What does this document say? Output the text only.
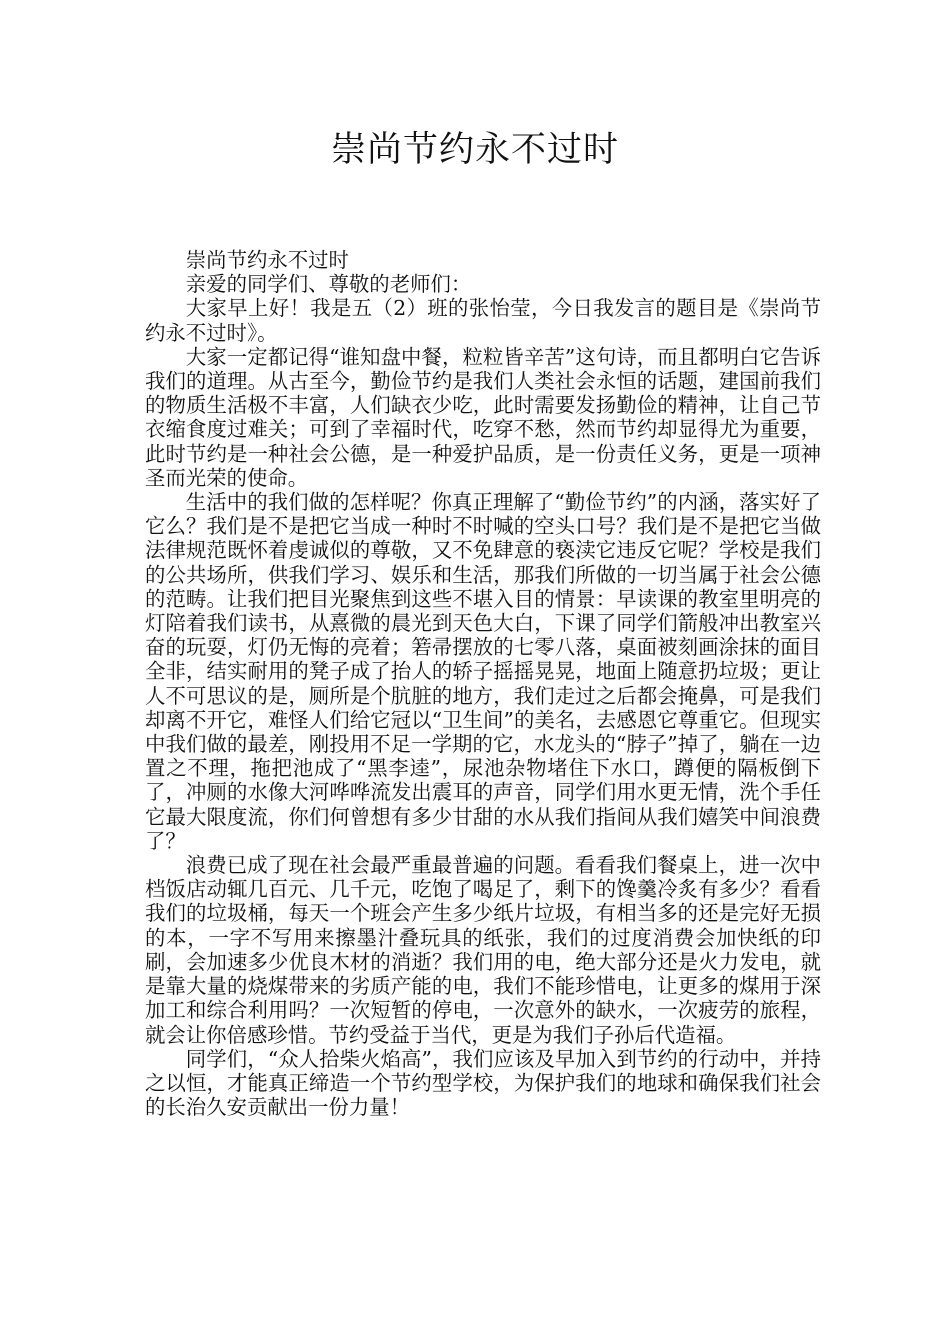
崇尚节约永不过时

崇尚节约永不过时

亲爱的同学们、尊敬的老师们：

大家早上好！我是五（2）班的张怡莹，今日我发言的题目是《崇尚节约永不过时》。

大家一定都记得“谁知盘中餐，粒粒皆辛苦”这句诗，而且都明白它告诉我们的道理。从古至今，勤俭节约是我们人类社会永恒的话题，建国前我们的物质生活极不丰富，人们缺衣少吃，此时需要发扬勤俭的精神，让自己节衣缩食度过难关；可到了幸福时代，吃穿不愁，然而节约却显得尤为重要，此时节约是一种社会公德，是一种爱护品质，是一份责任义务，更是一项神圣而光荣的使命。

生活中的我们做的怎样呢？你真正理解了“勤俭节约”的内涵，落实好了它么？我们是不是把它当成一种时不时喊的空头口号？我们是不是把它当做法律规范既怀着虔诚似的尊敬，又不免肆意的亵渎它违反它呢？学校是我们的公共场所，供我们学习、娱乐和生活，那我们所做的一切当属于社会公德的范畴。让我们把目光聚焦到这些不堪入目的情景：早读课的教室里明亮的灯陪着我们读书，从熹微的晨光到天色大白，下课了同学们箭般冲出教室兴奋的玩耍，灯仍无悔的亮着；箬帚摆放的七零八落，桌面被刻画涂抹的面目全非，结实耐用的凳子成了抬人的轿子摇摇晃晃，地面上随意扔垃圾；更让人不可思议的是，厕所是个肮脏的地方，我们走过之后都会掩鼻，可是我们却离不开它，难怪人们给它冠以“卫生间”的美名，去感恩它尊重它。但现实中我们做的最差，刚投用不足一学期的它，水龙头的“脖子”掉了，躺在一边置之不理，拖把池成了“黑李逵”，尿池杂物堵住下水口，蹲便的隔板倒下了，冲厕的水像大河哗哗流发出震耳的声音，同学们用水更无情，洗个手任它最大限度流，你们何曾想有多少甘甜的水从我们指间从我们嬉笑中间浪费了？

浪费已成了现在社会最严重最普遍的问题。看看我们餐桌上，进一次中档饭店动辄几百元、几千元，吃饱了喝足了，剩下的馋羹冷炙有多少？看看我们的垃圾桶，每天一个班会产生多少纸片垃圾，有相当多的还是完好无损的本，一字不写用来擦墨汁叠玩具的纸张，我们的过度消费会加快纸的印刷，会加速多少优良木材的消逝？我们用的电，绝大部分还是火力发电，就是靠大量的烧煤带来的劣质产能的电，我们不能珍惜电，让更多的煤用于深加工和综合利用吗？一次短暂的停电，一次意外的缺水，一次疲劳的旅程，就会让你倍感珍惜。节约受益于当代，更是为我们子孙后代造福。

同学们，“众人拾柴火焰高”，我们应该及早加入到节约的行动中，并持之以恒，才能真正缔造一个节约型学校，为保护我们的地球和确保我们社会的长治久安贡献出一份力量！
